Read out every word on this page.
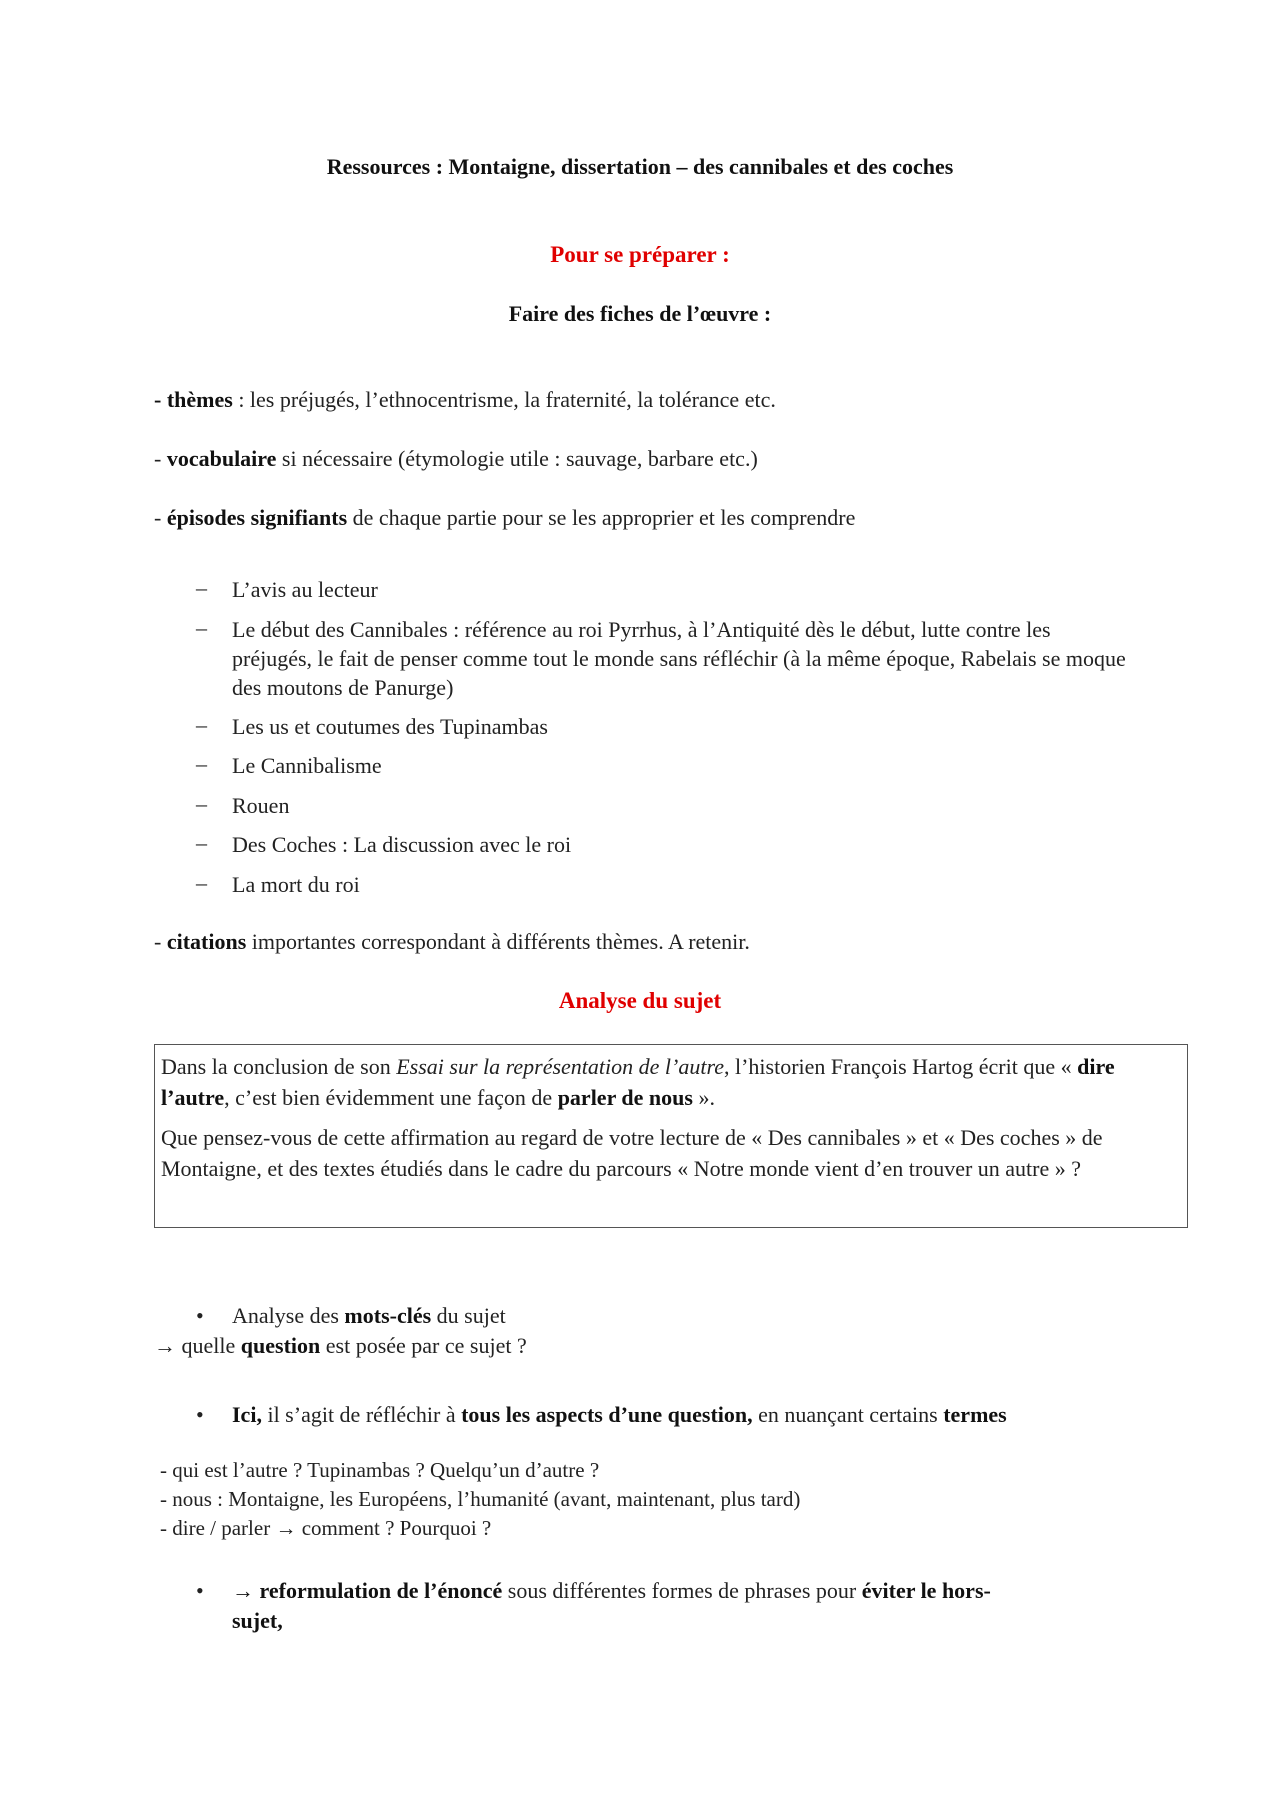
Ressources : Montaigne, dissertation – des cannibales et des coches
Pour se préparer :
Faire des fiches de l’œuvre :
- thèmes : les préjugés, l’ethnocentrisme, la fraternité, la tolérance etc.
- vocabulaire si nécessaire (étymologie utile : sauvage, barbare etc.)
- épisodes signifiants de chaque partie pour se les approprier et les comprendre
– L’avis au lecteur
– Le début des Cannibales : référence au roi Pyrrhus, à l’Antiquité dès le début, lutte contre les préjugés, le fait de penser comme tout le monde sans réfléchir (à la même époque, Rabelais se moque des moutons de Panurge)
– Les us et coutumes des Tupinambas
– Le Cannibalisme
– Rouen
– Des Coches : La discussion avec le roi
– La mort du roi
- citations importantes correspondant à différents thèmes. A retenir.
Analyse du sujet

Dans la conclusion de son Essai sur la représentation de l’autre, l’historien François Hartog écrit que « dire l’autre, c’est bien évidemment une façon de parler de nous ».

Que pensez-vous de cette affirmation au regard de votre lecture de « Des cannibales » et « Des coches » de Montaigne, et des textes étudiés dans le cadre du parcours « Notre monde vient d’en trouver un autre » ?

• Analyse des mots-clés du sujet
→ quelle question est posée par ce sujet ?
• Ici, il s’agit de réfléchir à tous les aspects d’une question, en nuançant certains termes
- qui est l’autre ? Tupinambas ? Quelqu’un d’autre ?
- nous : Montaigne, les Européens, l’humanité (avant, maintenant, plus tard)
- dire / parler → comment ? Pourquoi ?
• → reformulation de l’énoncé sous différentes formes de phrases pour éviter le hors-
sujet,
